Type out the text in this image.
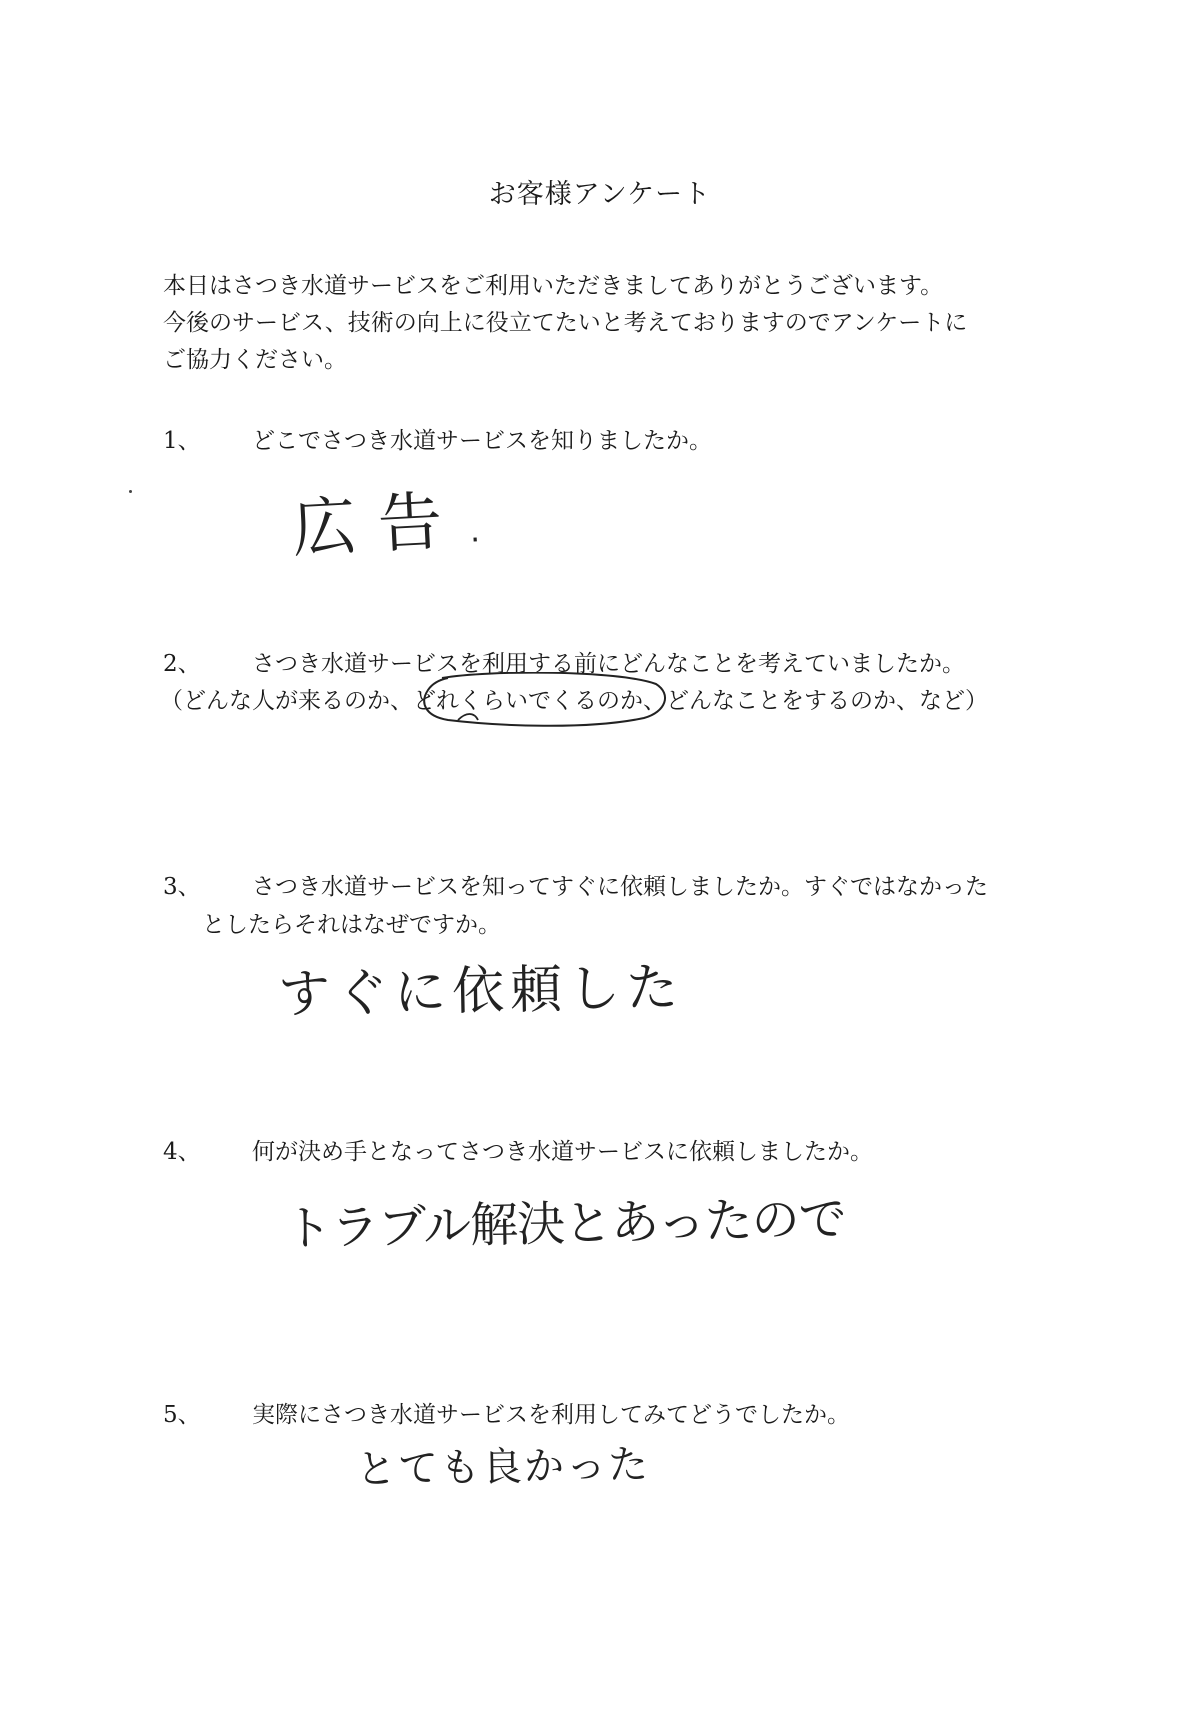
お客様アンケート
本日はさつき水道サービスをご利用いただきましてありがとうございます。
今後のサービス、技術の向上に役立てたいと考えておりますのでアンケートに
ご協力ください。
1、 どこでさつき水道サービスを知りましたか。
広告.
2、 さつき水道サービスを利用する前にどんなことを考えていましたか。
（どんな人が来るのか、どれくらいでくるのか、どんなことをするのか、など）
3、 さつき水道サービスを知ってすぐに依頼しましたか。すぐではなかった
としたらそれはなぜですか。
すぐに依頼した
4、 何が決め手となってさつき水道サービスに依頼しましたか。
トラブル解決とあったので
5、 実際にさつき水道サービスを利用してみてどうでしたか。
とても良かった
